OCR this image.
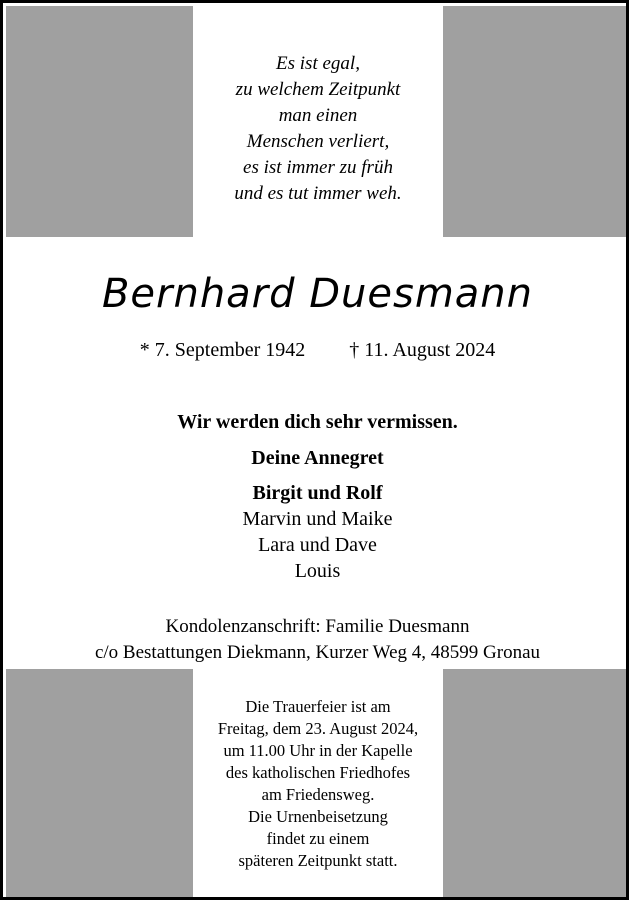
Es ist egal,
zu welchem Zeitpunkt
man einen
Menschen verliert,
es ist immer zu früh
und es tut immer weh.
Bernhard Duesmann
* 7. September 1942 † 11. August 2024
Wir werden dich sehr vermissen.
Deine Annegret
Birgit und Rolf
Marvin und Maike
Lara und Dave
Louis
Kondolenzanschrift: Familie Duesmann
c/o Bestattungen Diekmann, Kurzer Weg 4, 48599 Gronau
Die Trauerfeier ist am
Freitag, dem 23. August 2024,
um 11.00 Uhr in der Kapelle
des katholischen Friedhofes
am Friedensweg.
Die Urnenbeisetzung
findet zu einem
späteren Zeitpunkt statt.
